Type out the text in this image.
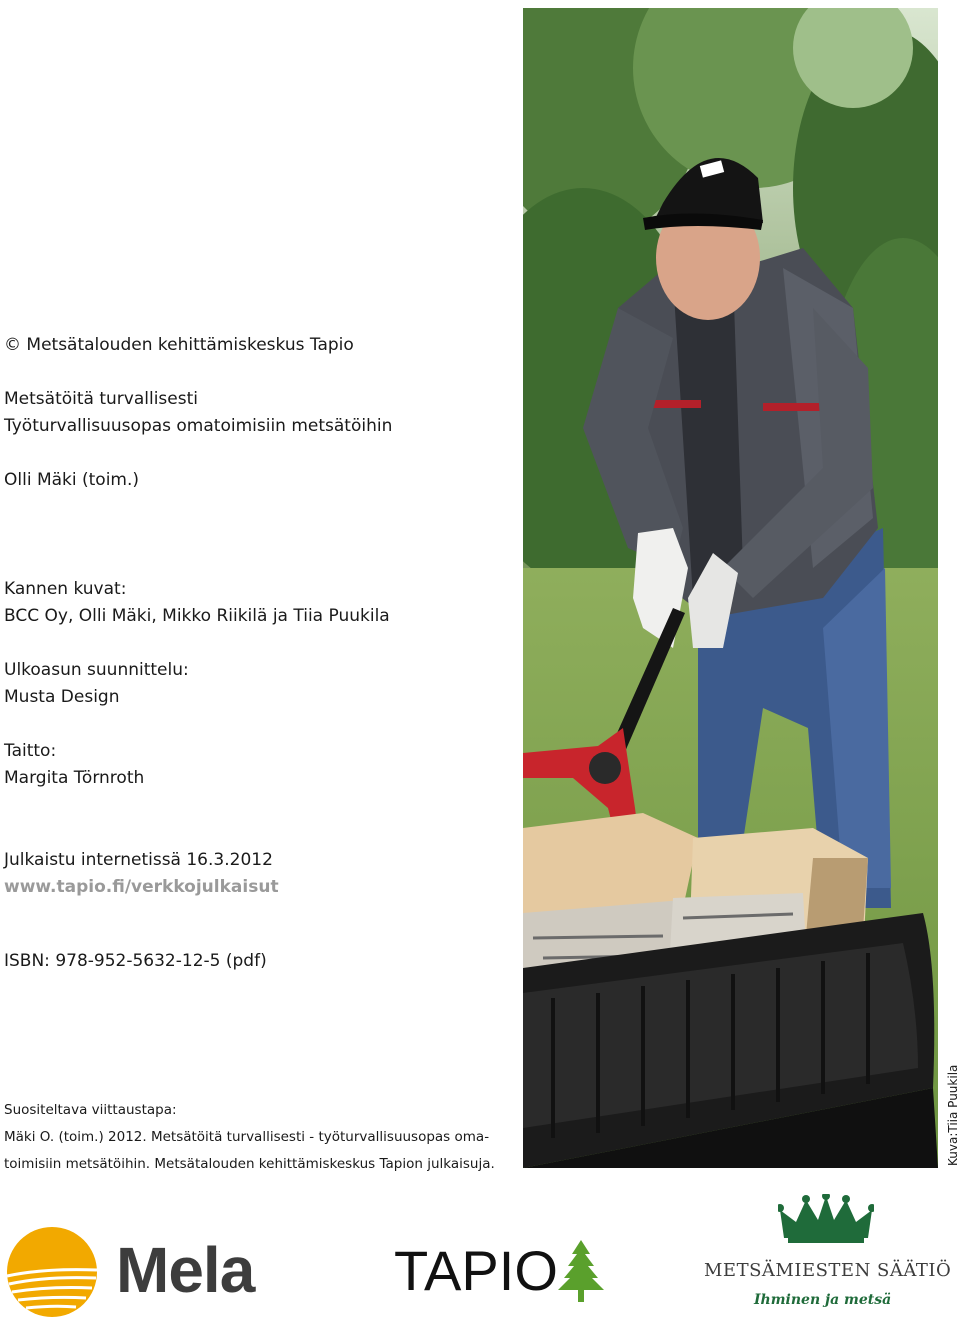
© Metsätalouden kehittämiskeskus Tapio

Metsätöitä turvallisesti

Työturvallisuusopas omatoimisiin metsätöihin

Olli Mäki (toim.)

Kannen kuvat:

BCC Oy, Olli Mäki, Mikko Riikilä ja Tiia Puukila

Ulkoasun suunnittelu:

Musta Design

Taitto:

Margita Törnroth

Julkaistu internetissä 16.3.2012

www.tapio.fi/verkkojulkaisut

ISBN: 978-952-5632-12-5 (pdf)

Suositeltava viittaustapa:

Mäki O. (toim.) 2012. Metsätöitä turvallisesti - työturvallisuusopas oma-

toimisiin metsätöihin. Metsätalouden kehittämiskeskus Tapion julkaisuja.	Kuva:Tiia Puukila
Mela TAPIO	METSÄMIESTEN SÄÄTIÖ
Ihminen ja metsä
